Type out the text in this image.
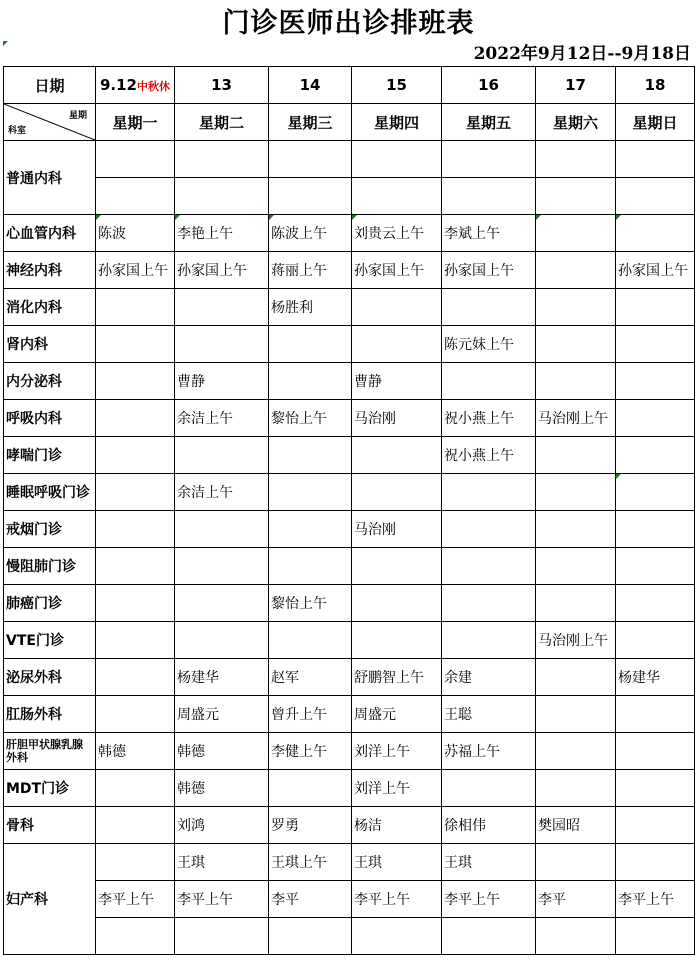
门诊医师出诊排班表
2022年9月12日--9月18日
日期	9.12中秋休	13	14	15	16	17	18

星期
科室	星期一	星期二	星期三	星期四	星期五	星期六	星期日
普通内科							

心血管内科	陈波	李艳上午	陈波上午	刘贵云上午	李斌上午	

神经内科	孙家国上午	孙家国上午	蒋丽上午	孙家国上午	孙家国上午		孙家国上午
消化内科			杨胜利				
肾内科					陈元妹上午		
内分泌科		曹静		曹静			
呼吸内科		余洁上午	黎怡上午	马治刚	祝小燕上午	马治刚上午	
哮喘门诊					祝小燕上午		
睡眠呼吸门诊		余洁上午					

戒烟门诊				马治刚			
慢阻肺门诊							
肺癌门诊			黎怡上午				
VTE门诊						马治刚上午	
泌尿外科		杨建华	赵军	舒鹏智上午	余建		杨建华
肛肠外科		周盛元	曾升上午	周盛元	王聪		
肝胆甲状腺乳腺外科	韩德	韩德	李健上午	刘洋上午	苏福上午		
MDT门诊		韩德		刘洋上午			
骨科		刘鸿	罗勇	杨洁	徐相伟	樊园昭	
妇产科		王琪	王琪上午	王琪	王琪		
	李平上午	李平上午	李平	李平上午	李平上午	李平	李平上午
